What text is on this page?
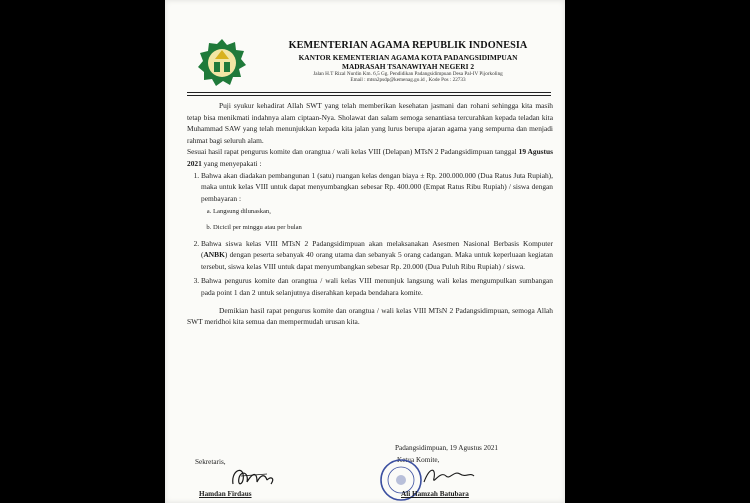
KEMENTERIAN AGAMA REPUBLIK INDONESIA
KANTOR KEMENTERIAN AGAMA KOTA PADANGSIDIMPUAN
MADRASAH TSANAWIYAH NEGERI 2
Jalan H.T Rizal Nurdin Km. 6,5 Gg. Pendidikan Padangsidimpuan Desa Pal-IV Pijorkoling
Email : mtsn2psdp@kemenag.go.id , Kode Pos : 22733

Puji syukur kehadirat Allah SWT yang telah memberikan kesehatan jasmani dan rohani sehingga kita masih tetap bisa menikmati indahnya alam ciptaan-Nya. Sholawat dan salam semoga senantiasa tercurahkan kepada teladan kita Muhammad SAW yang telah menunjukkan kepada kita jalan yang lurus berupa ajaran agama yang sempurna dan menjadi rahmat bagi seluruh alam.

Sesuai hasil rapat pengurus komite dan orangtua / wali kelas VIII (Delapan) MTsN 2 Padangsidimpuan tanggal 19 Agustus 2021 yang menyepakati :

1. Bahwa akan diadakan pembangunan 1 (satu) ruangan kelas dengan biaya ± Rp. 200.000.000 (Dua Ratus Juta Rupiah), maka untuk kelas VIII untuk dapat menyumbangkan sebesar Rp. 400.000 (Empat Ratus Ribu Rupiah) / siswa dengan pembayaran :
a. Langsung dilunaskan,
b. Dicicil per minggu atau per bulan
2. Bahwa siswa kelas VIII MTsN 2 Padangsidimpuan akan melaksanakan Asesmen Nasional Berbasis Komputer (ANBK) dengan peserta sebanyak 40 orang utama dan sebanyak 5 orang cadangan. Maka untuk keperluaan kegiatan tersebut, siswa kelas VIII untuk dapat menyumbangkan sebesar Rp. 20.000 (Dua Puluh Ribu Rupiah) / siswa.
3. Bahwa pengurus komite dan orangtua / wali kelas VIII menunjuk langsung wali kelas mengumpulkan sumbangan pada point 1 dan 2 untuk selanjutnya diserahkan kepada bendahara komite.

Demikian hasil rapat pengurus komite dan orangtua / wali kelas VIII MTsN 2 Padangsidimpuan, semoga Allah SWT meridhoi kita semua dan mempermudah urusan kita.

Padangsidimpuan, 19 Agustus 2021
Sekretaris,	Ketua Komite,
Hamdan Firdaus	Ali Hamzah Batubara
